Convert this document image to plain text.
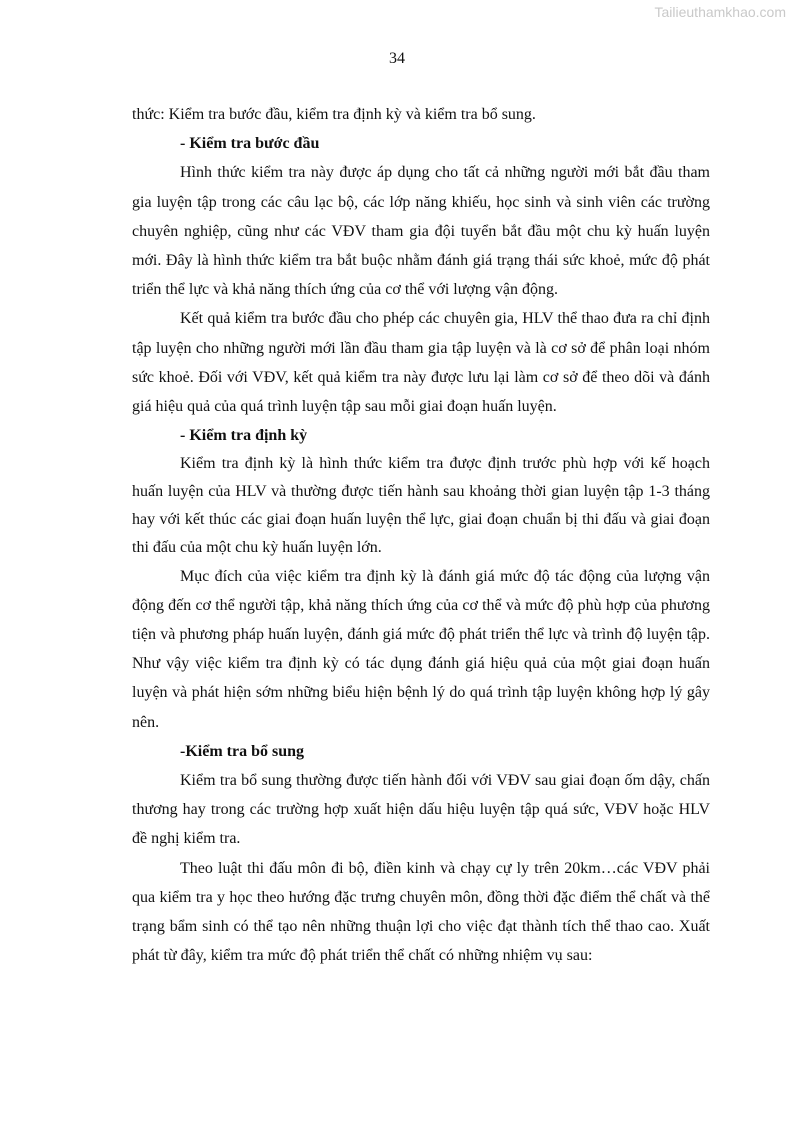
Tailieuthamkhao.com
34

thức: Kiểm tra bước đầu, kiểm tra định kỳ và kiểm tra bổ sung.

- Kiểm tra bước đầu

Hình thức kiểm tra này được áp dụng cho tất cả những người mới bắt đầu tham gia luyện tập trong các câu lạc bộ, các lớp năng khiếu, học sinh và sinh viên các trường chuyên nghiệp, cũng như các VĐV tham gia đội tuyển bắt đầu một chu kỳ huấn luyện mới. Đây là hình thức kiểm tra bắt buộc nhằm đánh giá trạng thái sức khoẻ, mức độ phát triển thể lực và khả năng thích ứng của cơ thể với lượng vận động.

Kết quả kiểm tra bước đầu cho phép các chuyên gia, HLV thể thao đưa ra chỉ định tập luyện cho những người mới lần đầu tham gia tập luyện và là cơ sở để phân loại nhóm sức khoẻ. Đối với VĐV, kết quả kiểm tra này được lưu lại làm cơ sở để theo dõi và đánh giá hiệu quả của quá trình luyện tập sau mỗi giai đoạn huấn luyện.

- Kiểm tra định kỳ

Kiểm tra định kỳ là hình thức kiểm tra được định trước phù hợp với kế hoạch huấn luyện của HLV và thường được tiến hành sau khoảng thời gian luyện tập 1-3 tháng hay với kết thúc các giai đoạn huấn luyện thể lực, giai đoạn chuẩn bị thi đấu và giai đoạn thi đấu của một chu kỳ huấn luyện lớn.

Mục đích của việc kiểm tra định kỳ là đánh giá mức độ tác động của lượng vận động đến cơ thể người tập, khả năng thích ứng của cơ thể và mức độ phù hợp của phương tiện và phương pháp huấn luyện, đánh giá mức độ phát triển thể lực và trình độ luyện tập. Như vậy việc kiểm tra định kỳ có tác dụng đánh giá hiệu quả của một giai đoạn huấn luyện và phát hiện sớm những biểu hiện bệnh lý do quá trình tập luyện không hợp lý gây nên.

-Kiểm tra bổ sung

Kiểm tra bổ sung thường được tiến hành đối với VĐV sau giai đoạn ốm dậy, chấn thương hay trong các trường hợp xuất hiện dấu hiệu luyện tập quá sức, VĐV hoặc HLV đề nghị kiểm tra.

Theo luật thi đấu môn đi bộ, điền kinh và chạy cự ly trên 20km…các VĐV phải qua kiểm tra y học theo hướng đặc trưng chuyên môn, đồng thời đặc điểm thể chất và thể trạng bẩm sinh có thể tạo nên những thuận lợi cho việc đạt thành tích thể thao cao. Xuất phát từ đây, kiểm tra mức độ phát triển thể chất có những nhiệm vụ sau:
